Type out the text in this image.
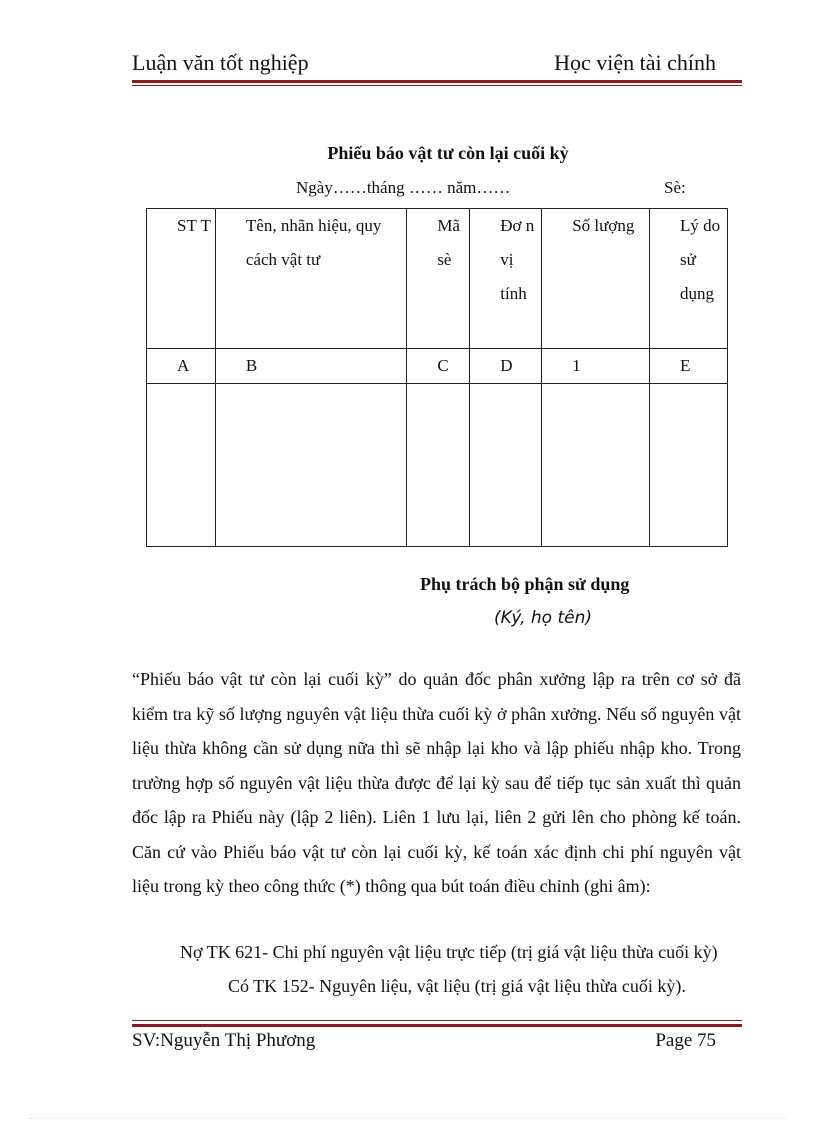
Luận văn tốt nghiệp	Học viện tài chính
Phiếu báo vật tư còn lại cuối kỳ
Ngày……tháng …… năm……	Sè:
ST T	Tên, nhãn hiệu, quy cách vật tư	Mã sè	Đơ n vị tính	Số lượng	Lý do sử dụng
A	B	C	D	1	E

Phụ trách bộ phận sử dụng
(Ký, họ tên)
“Phiếu báo vật tư còn lại cuối kỳ” do quản đốc phân xưởng lập ra trên cơ sở đã kiểm tra kỹ số lượng nguyên vật liệu thừa cuối kỳ ở phân xưởng. Nếu số nguyên vật liệu thừa không cần sử dụng nữa thì sẽ nhập lại kho và lập phiếu nhập kho. Trong trường hợp số nguyên vật liệu thừa được để lại kỳ sau để tiếp tục sản xuất thì quản đốc lập ra Phiếu này (lập 2 liên). Liên 1 lưu lại, liên 2 gửi lên cho phòng kế toán. Căn cứ vào Phiếu báo vật tư còn lại cuối kỳ, kế toán xác định chi phí nguyên vật liệu trong kỳ theo công thức (*) thông qua bút toán điều chỉnh (ghi âm):
Nợ TK 621- Chi phí nguyên vật liệu trực tiếp (trị giá vật liệu thừa cuối kỳ)
Có TK 152- Nguyên liệu, vật liệu (trị giá vật liệu thừa cuối kỳ).
SV:Nguyễn Thị Phương	Page 75
